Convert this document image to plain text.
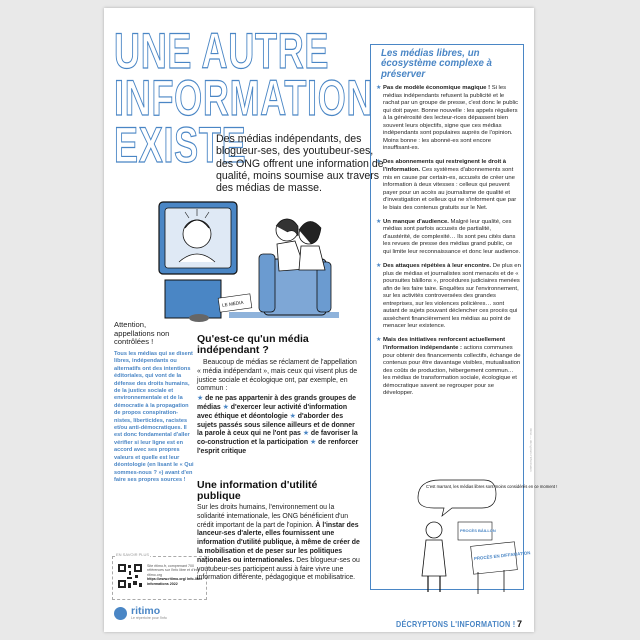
UNE AUTRE
INFORMATION
EXISTE
Des médias indépendants, des blogueur-ses, des youtubeur-ses, des ONG offrent une information de qualité, moins soumise aux travers des médias de masse.
LE MÉDIA
Attention, appellations non contrôlées !
Tous les médias qui se disent libres, indépendants ou alternatifs ont des intentions éditoriales, qui vont de la défense des droits humains, de la justice sociale et environnementale et de la démocratie à la propagation de propos conspiration-nistes, liberticides, racistes et/ou anti-démocratiques. Il est donc fondamental d'aller vérifier si leur ligne est en accord avec ses propres valeurs et quelle est leur déontologie (en lisant le « Qui sommes-nous ? ») avant d'en faire ses propres sources !
EN SAVOIR PLUS
Site ritimo.fr, comprenant 700 références sur l'info libre et d'info ritimo.org
https://www.ritimo.org/ Info-libre informations 2022
ritimo
Le répertoire pour l'info
Qu'est-ce qu'un média indépendant ?
Beaucoup de médias se réclament de l'appellation « média indépendant », mais ceux qui visent plus de justice sociale et écologique ont, par exemple, en commun :
★ de ne pas appartenir à des grands groupes de médias ★ d'exercer leur activité d'information avec éthique et déontologie ★ d'aborder des sujets passés sous silence ailleurs et de donner la parole à ceux qui ne l'ont pas ★ de favoriser la co-construction et la participation ★ de renforcer l'esprit critique
Une information d'utilité publique
Sur les droits humains, l'environnement ou la solidarité internationale, les ONG bénéficient d'un crédit important de la part de l'opinion. À l'instar des lanceur-ses d'alerte, elles fournissent une information d'utilité publique, à même de créer de la mobilisation et de peser sur les politiques nationales ou internationales. Des blogueur-ses ou youtubeur-ses participent aussi à faire vivre une information différente, pédagogique et mobilisatrice.
Les médias libres, un écosystème complexe à préserver
★ Pas de modèle économique magique ! Si les médias indépendants refusent la publicité et le rachat par un groupe de presse, c'est donc le public qui doit payer. Bonne nouvelle : les appels réguliers à la générosité des lecteur-rices dépassent bien souvent leurs objectifs, signe que ces médias indépendants sont populaires auprès de l'opinion. Moins bonne : les abonné-es sont encore insuffisant-es.
★ Des abonnements qui restreignent le droit à l'information. Ces systèmes d'abonnements sont mis en cause par certain-es, accusés de créer une information à deux vitesses : celleux qui peuvent payer pour un accès au journalisme de qualité et d'investigation et celleux qui ne s'informent que par le biais des contenus gratuits sur le Net.
★ Un manque d'audience. Malgré leur qualité, ces médias sont parfois accusés de partialité, d'austérité, de complexité… Ils sont peu cités dans les revues de presse des médias grand public, ce qui limite leur reconnaissance et donc leur audience.
★ Des attaques répétées à leur encontre. De plus en plus de médias et journalistes sont menacés et de « poursuites bâillons », procédures judiciaires menées afin de les faire taire. Enquêtes sur l'environnement, sur les activités controversées des grandes entreprises, sur les violences policières… sont autant de sujets pouvant déclencher ces procès qui assèchent financièrement les médias au point de menacer leur existence.
★ Mais des initiatives renforcent actuellement l'information indépendante : actions communes pour obtenir des financements collectifs, échange de contenus pour être davantage visibles, mutualisation des coûts de production, hébergement commun… les médias de transformation sociale, écologique et démocratique savent se regrouper pour se développer.
C'est marrant, les médias libres sont moins considérés en ce moment !
PROCÈS BÂILLON
PROCÈS EN DIFFAMATION
DÉCRYPTONS L'INFORMATION ! 7
ritimo — décryptons l'information
